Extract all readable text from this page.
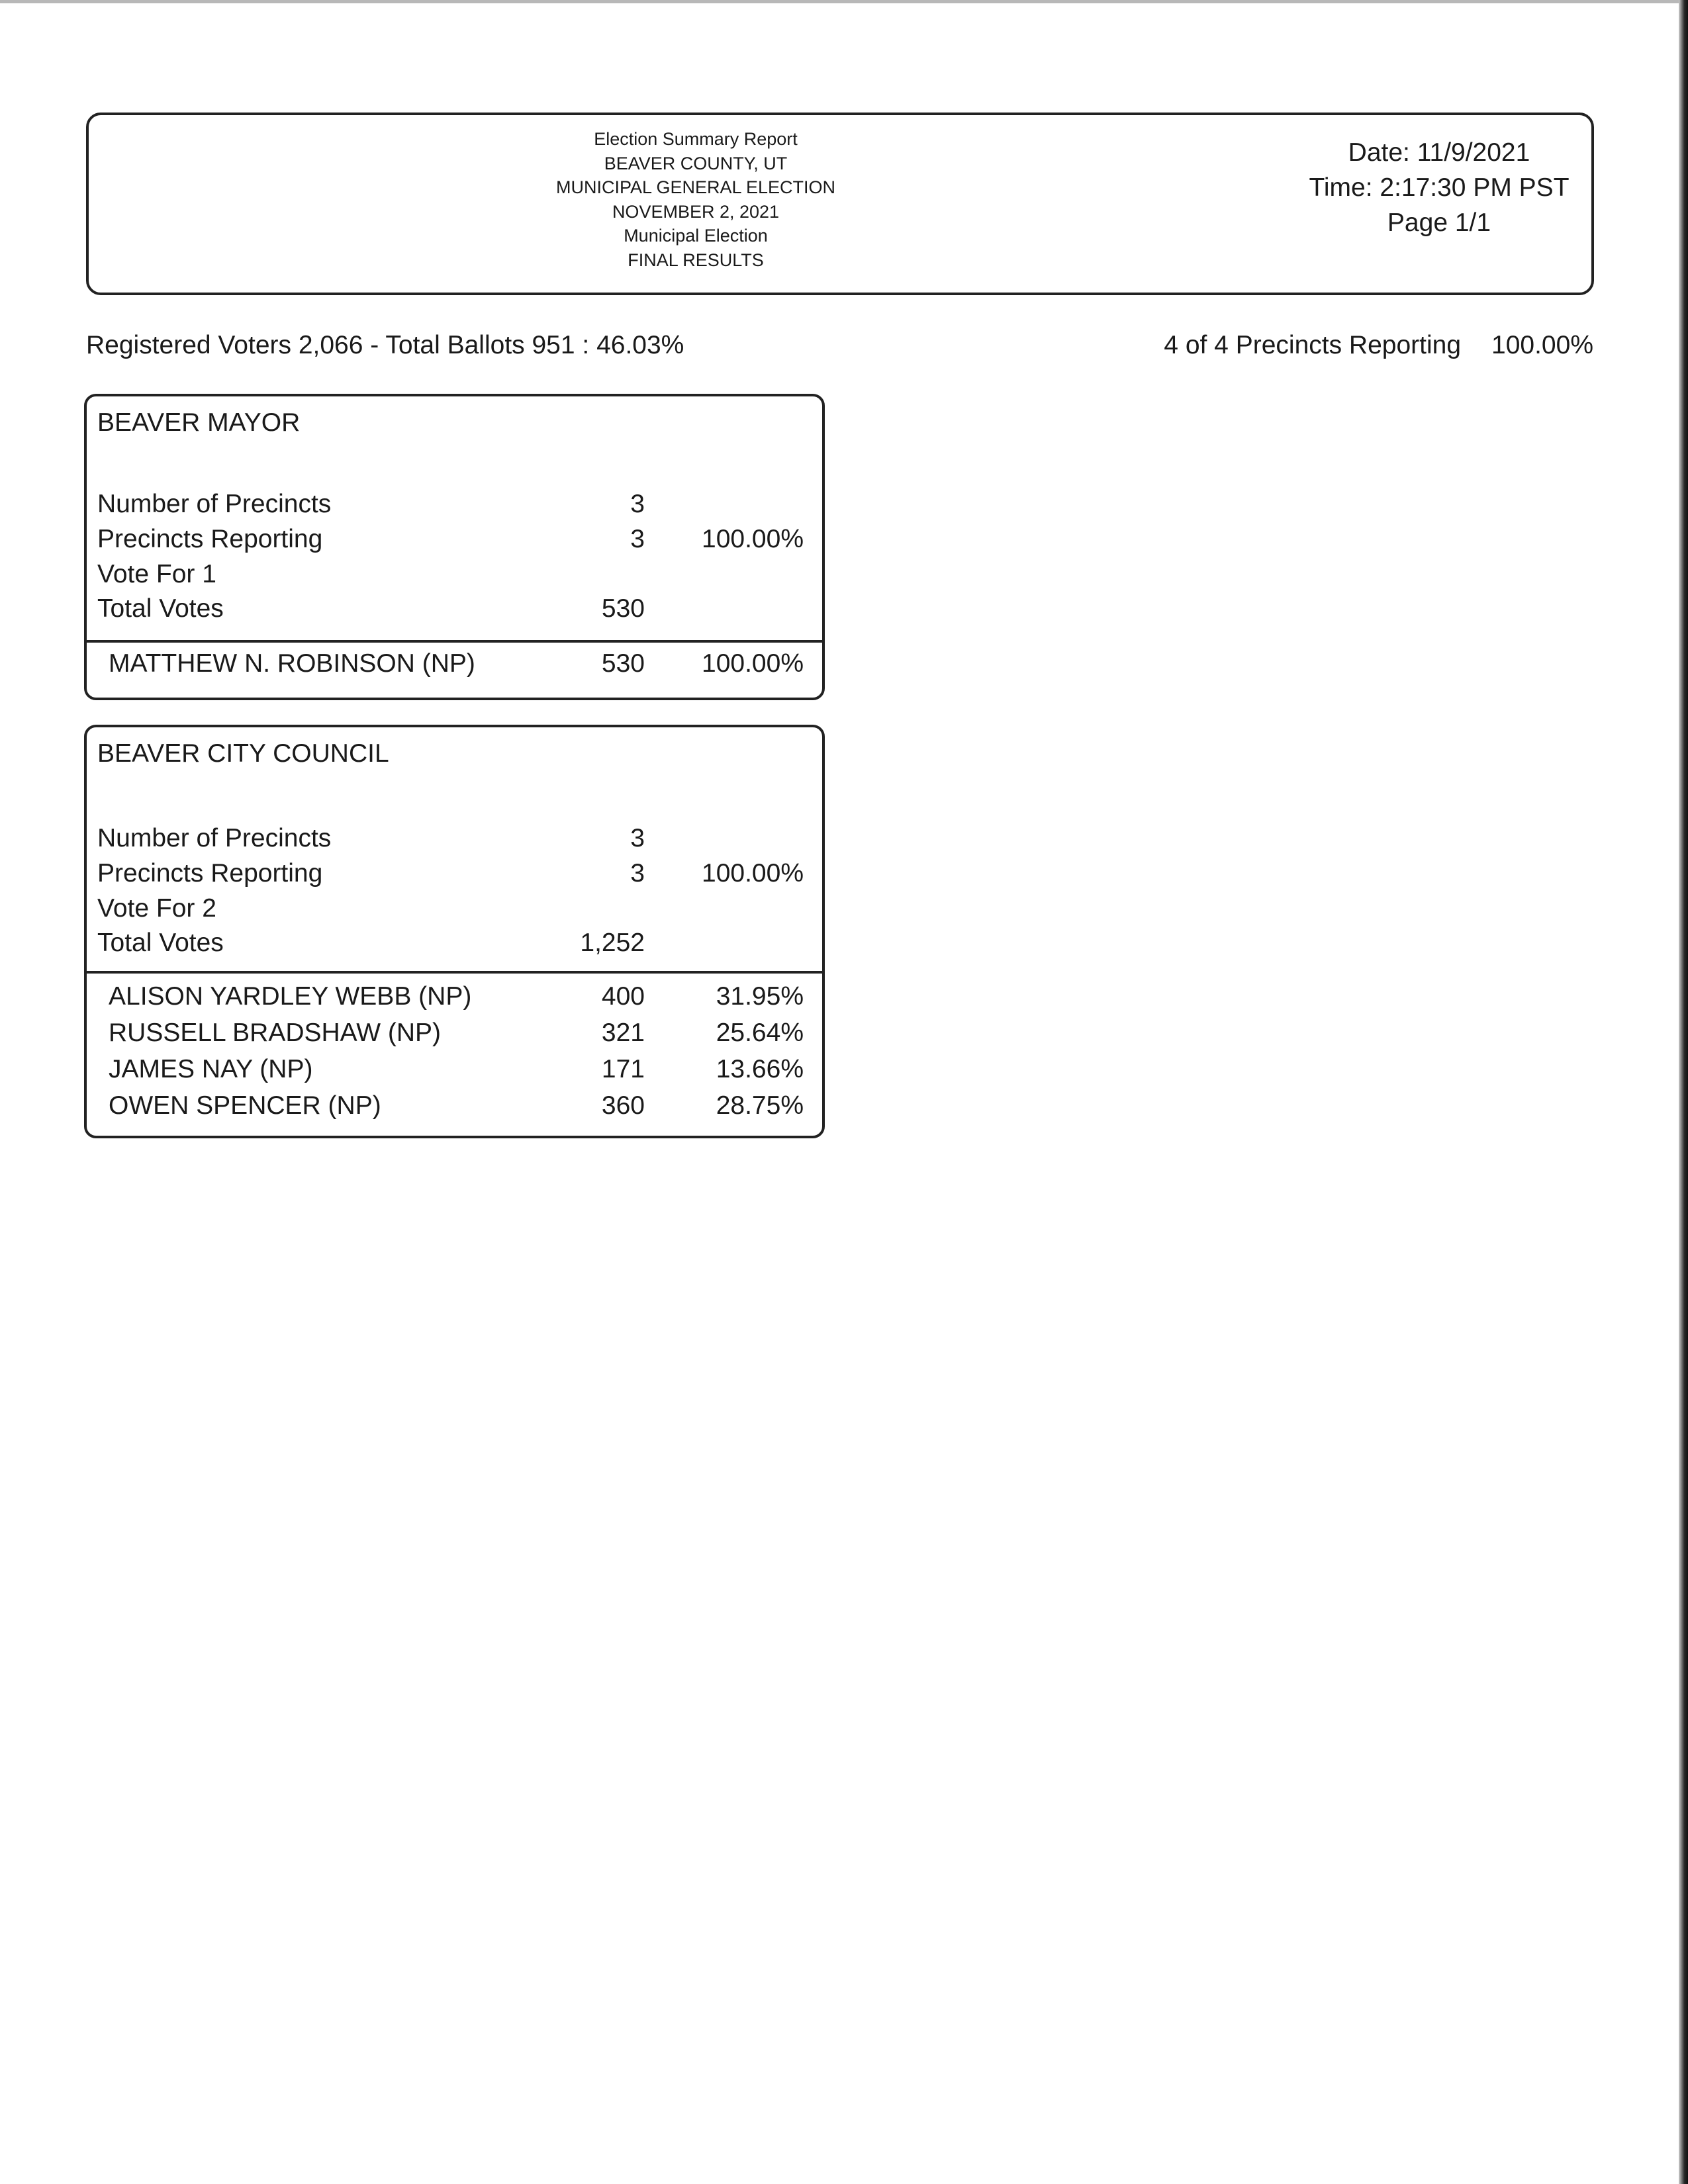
Election Summary Report
BEAVER COUNTY, UT
MUNICIPAL GENERAL ELECTION
NOVEMBER 2, 2021
Municipal Election
FINAL RESULTS
Date: 11/9/2021
Time: 2:17:30 PM PST
Page 1/1
Registered Voters 2,066 - Total Ballots 951 : 46.03%	4 of 4 Precincts Reporting 100.00%
BEAVER MAYOR
Number of Precincts	3
Precincts Reporting	3 100.00%
Vote For 1
Total Votes	530
MATTHEW N. ROBINSON (NP)	530 100.00%
BEAVER CITY COUNCIL
Number of Precincts	3
Precincts Reporting	3 100.00%
Vote For 2
Total Votes	1,252
ALISON YARDLEY WEBB (NP)	400	31.95%
RUSSELL BRADSHAW (NP)	321	25.64%
JAMES NAY (NP)	171	13.66%
OWEN SPENCER (NP)	360	28.75%
